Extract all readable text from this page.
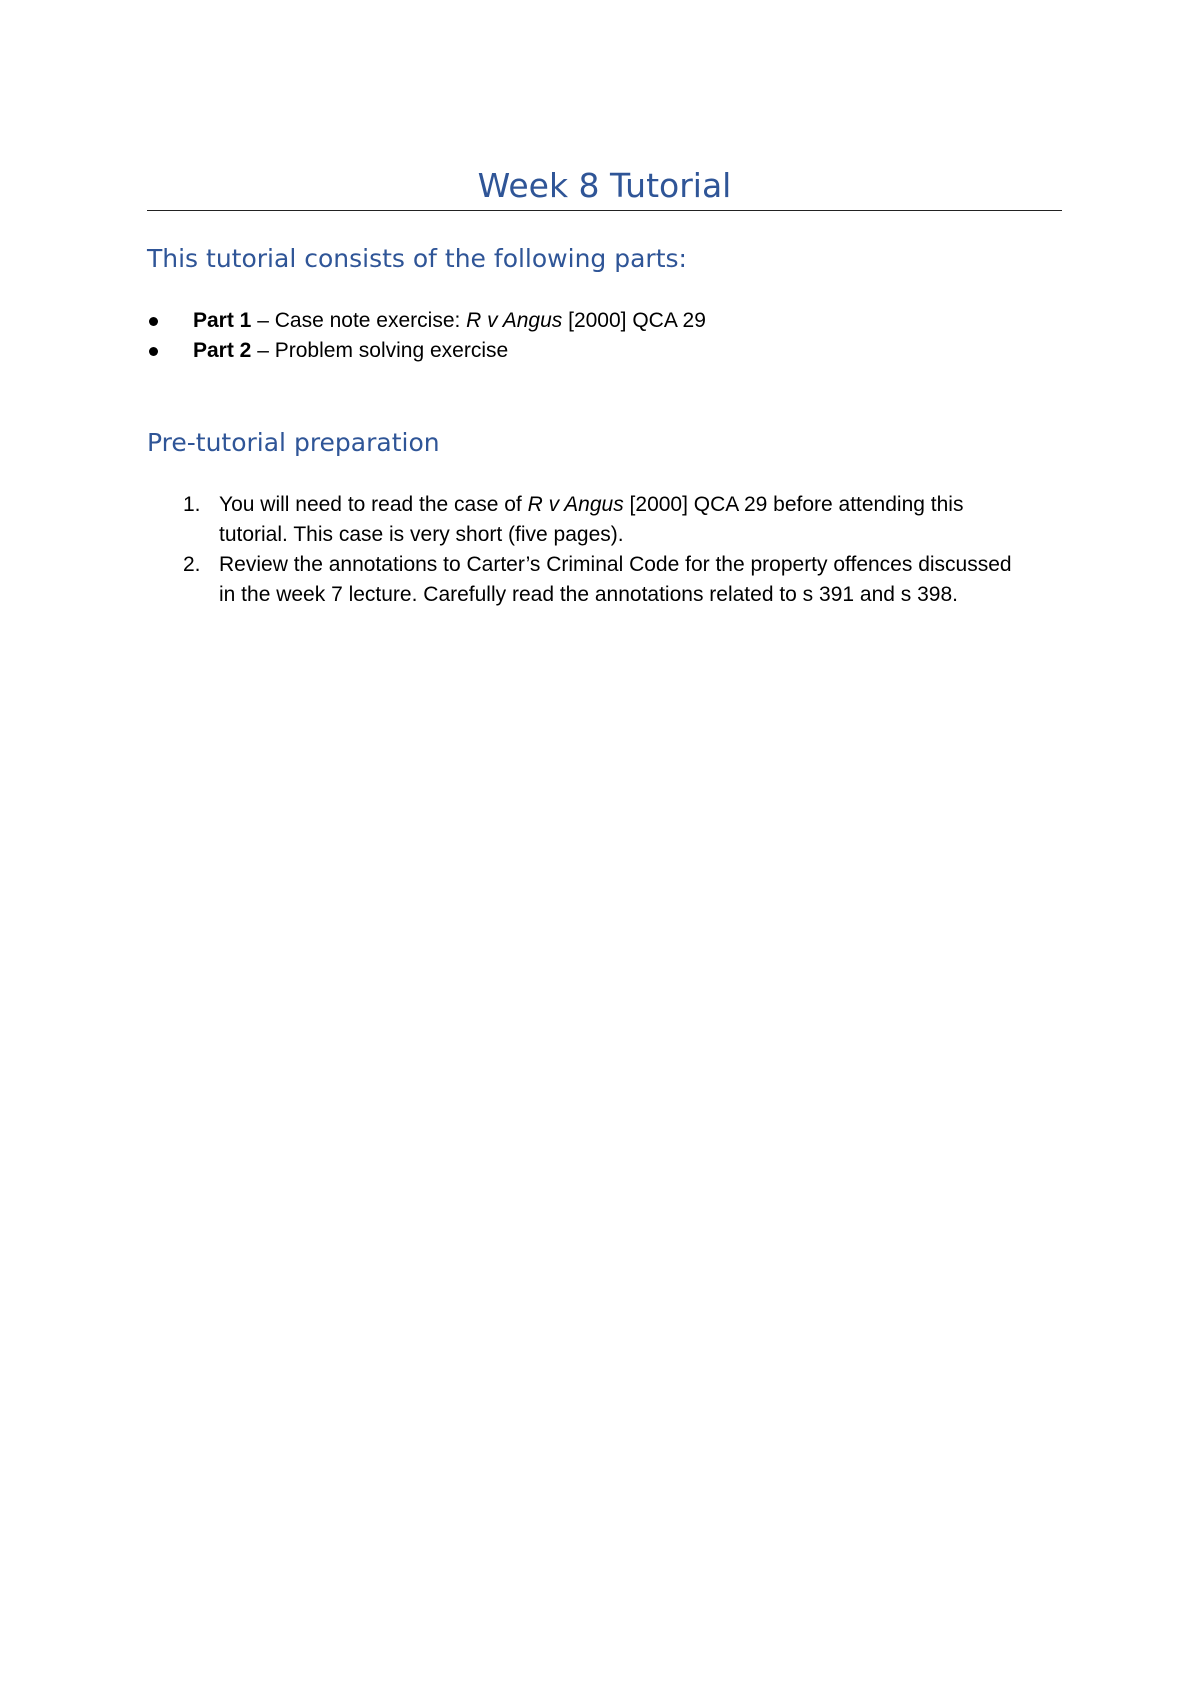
Week 8 Tutorial
This tutorial consists of the following parts:
Part 1 – Case note exercise: R v Angus [2000] QCA 29
Part 2 – Problem solving exercise
Pre-tutorial preparation
1. You will need to read the case of R v Angus [2000] QCA 29 before attending this
tutorial. This case is very short (five pages).
2. Review the annotations to Carter’s Criminal Code for the property offences discussed
in the week 7 lecture. Carefully read the annotations related to s 391 and s 398.
